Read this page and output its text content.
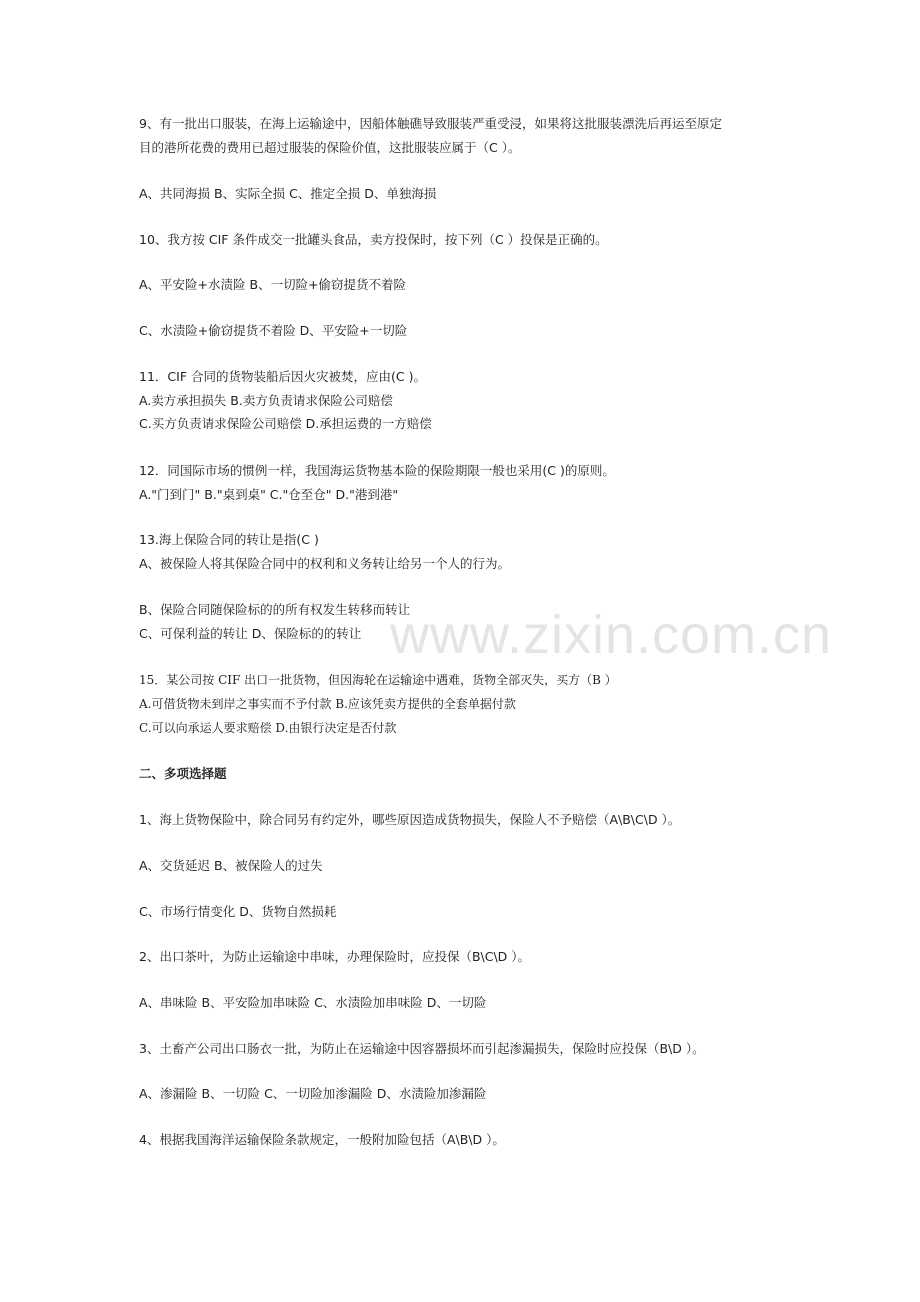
www.zixin.com.cn
9、有一批出口服装，在海上运输途中，因船体触礁导致服装严重受浸，如果将这批服装漂洗后再运至原定
目的港所花费的费用已超过服装的保险价值，这批服装应属于（C ）。
A、共同海损 B、实际全损 C、推定全损 D、单独海损
10、我方按 CIF 条件成交一批罐头食品，卖方投保时，按下列（C ）投保是正确的。
A、平安险+水渍险 B、一切险+偷窃提货不着险
C、水渍险+偷窃提货不着险 D、平安险+一切险
11．CIF 合同的货物装船后因火灾被焚，应由(C )。
A.卖方承担损失 B.卖方负责请求保险公司赔偿
C.买方负责请求保险公司赔偿 D.承担运费的一方赔偿
12．同国际市场的惯例一样，我国海运货物基本险的保险期限一般也采用(C )的原则。
A."门到门" B."桌到桌" C."仓至仓" D."港到港"
13.海上保险合同的转让是指(C )
A、被保险人将其保险合同中的权利和义务转让给另一个人的行为。
B、保险合同随保险标的的所有权发生转移而转让
C、可保利益的转让 D、保险标的的转让
15．某公司按 CIF 出口一批货物，但因海轮在运输途中遇难，货物全部灭失，买方（B ）
A.可借货物未到岸之事实而不予付款 B.应该凭卖方提供的全套单据付款
C.可以向承运人要求赔偿 D.由银行决定是否付款
二、多项选择题
1、海上货物保险中，除合同另有约定外，哪些原因造成货物损失，保险人不予赔偿（A\B\C\D ）。
A、交货延迟 B、被保险人的过失
C、市场行情变化 D、货物自然损耗
2、出口茶叶，为防止运输途中串味，办理保险时，应投保（B\C\D ）。
A、串味险 B、平安险加串味险 C、水渍险加串味险 D、一切险
3、土畜产公司出口肠衣一批，为防止在运输途中因容器损坏而引起渗漏损失，保险时应投保（B\D ）。
A、渗漏险 B、一切险 C、一切险加渗漏险 D、水渍险加渗漏险
4、根据我国海洋运输保险条款规定，一般附加险包括（A\B\D ）。
